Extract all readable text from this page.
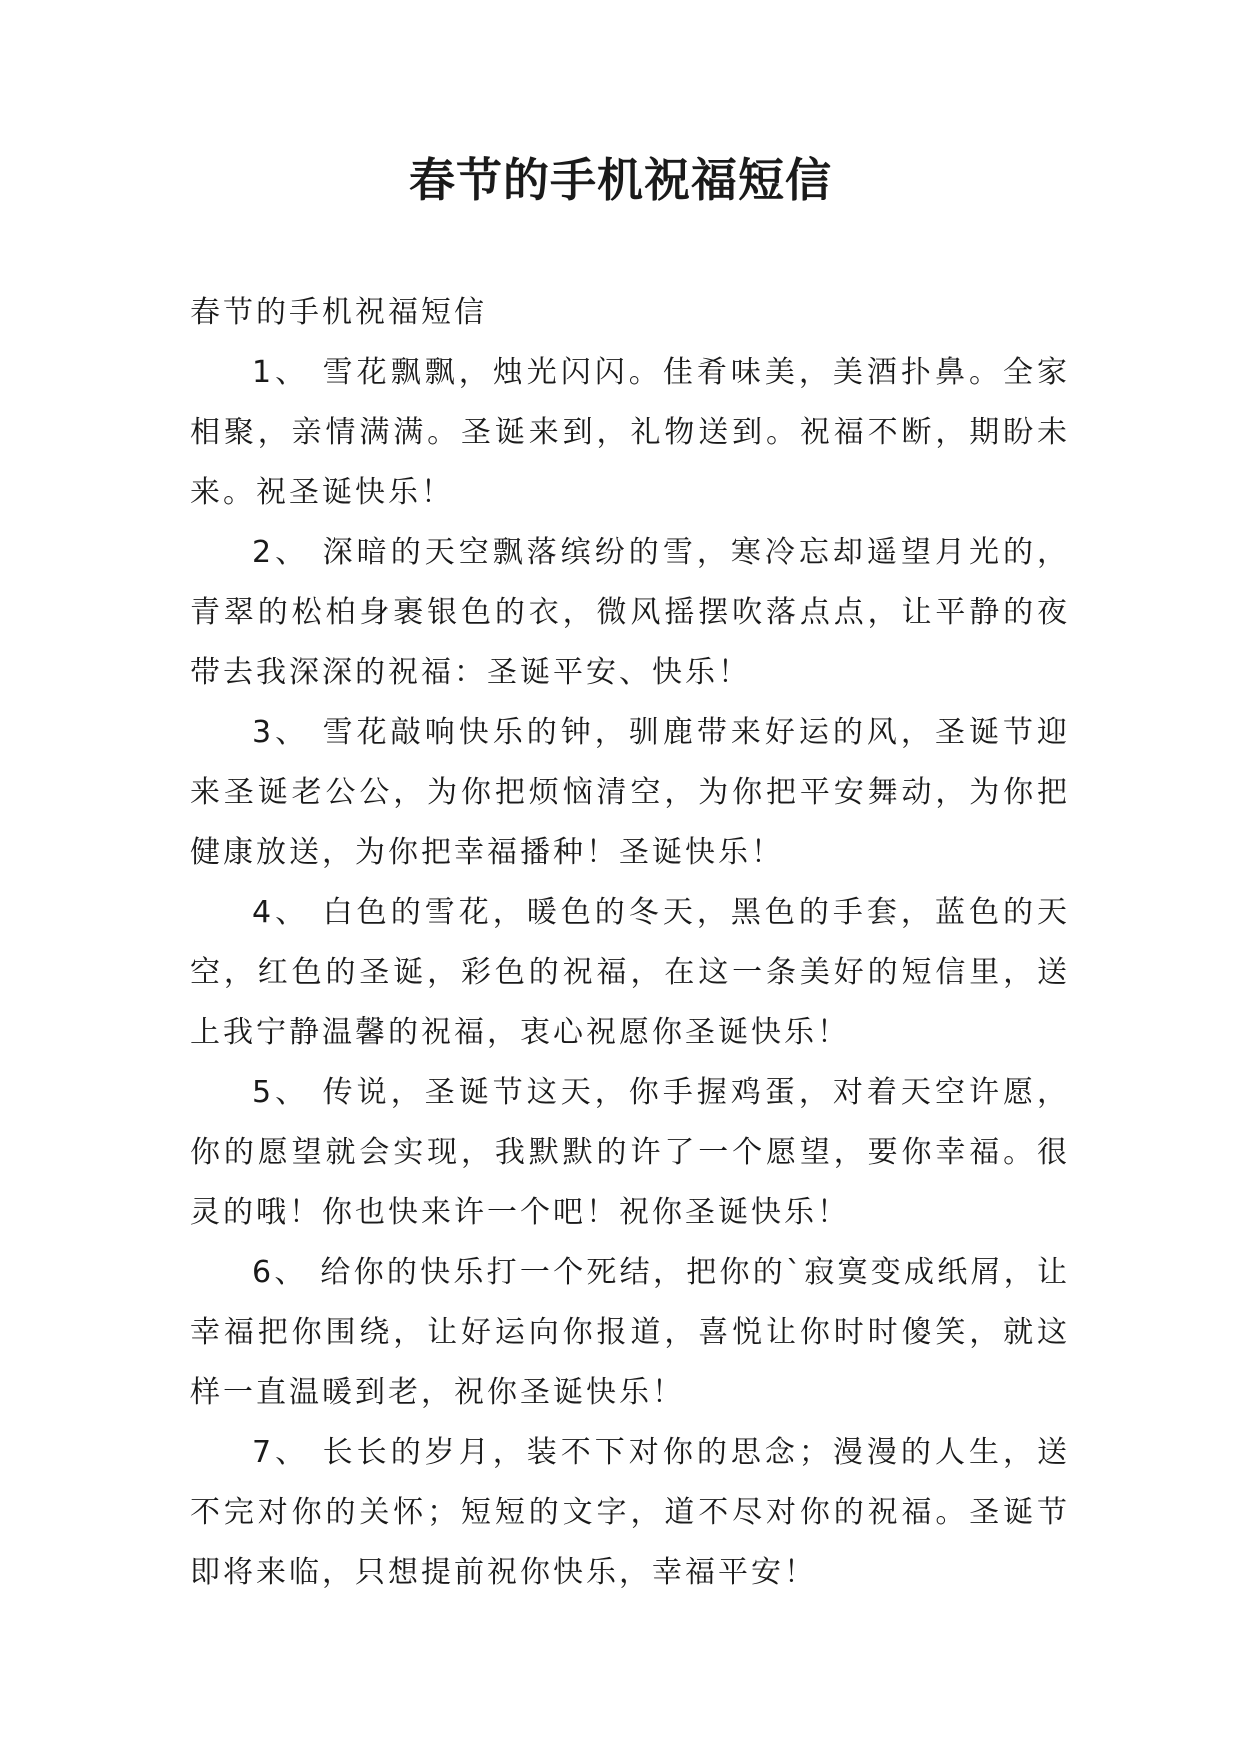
春节的手机祝福短信

春节的手机祝福短信

1、 雪花飘飘，烛光闪闪。佳肴味美，美酒扑鼻。全家相聚，亲情满满。圣诞来到，礼物送到。祝福不断，期盼未来。祝圣诞快乐！

2、 深暗的天空飘落缤纷的雪，寒冷忘却遥望月光的，青翠的松柏身裹银色的衣，微风摇摆吹落点点，让平静的夜带去我深深的祝福：圣诞平安、快乐！

3、 雪花敲响快乐的钟，驯鹿带来好运的风，圣诞节迎来圣诞老公公，为你把烦恼清空，为你把平安舞动，为你把健康放送，为你把幸福播种！圣诞快乐！

4、 白色的雪花，暖色的冬天，黑色的手套，蓝色的天空，红色的圣诞，彩色的祝福，在这一条美好的短信里，送上我宁静温馨的祝福，衷心祝愿你圣诞快乐！

5、 传说，圣诞节这天，你手握鸡蛋，对着天空许愿，你的愿望就会实现，我默默的许了一个愿望，要你幸福。很灵的哦！你也快来许一个吧！祝你圣诞快乐！

6、 给你的快乐打一个死结，把你的`寂寞变成纸屑，让幸福把你围绕，让好运向你报道，喜悦让你时时傻笑，就这样一直温暖到老，祝你圣诞快乐！

7、 长长的岁月，装不下对你的思念；漫漫的人生，送不完对你的关怀；短短的文字，道不尽对你的祝福。圣诞节即将来临，只想提前祝你快乐，幸福平安！
